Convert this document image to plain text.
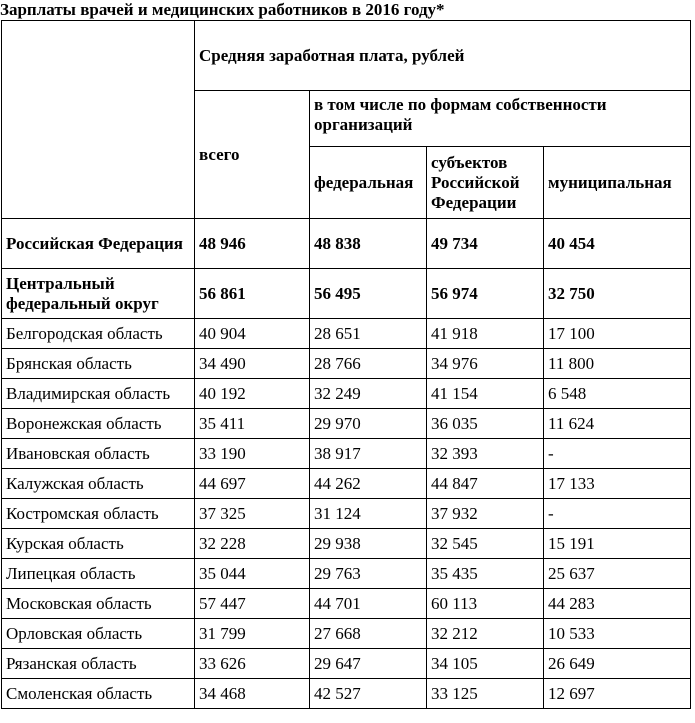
Зарплаты врачей и медицинских работников в 2016 году*
	Средняя заработная плата, рублей			
	всего	в том числе по формам собственности организаций		
		федеральная	субъектов Российской Федерации	муниципальная
Российская Федерация	48 946	48 838	49 734	40 454
Центральный федеральный округ	56 861	56 495	56 974	32 750
Белгородская область	40 904	28 651	41 918	17 100
Брянская область	34 490	28 766	34 976	11 800
Владимирская область	40 192	32 249	41 154	6 548
Воронежская область	35 411	29 970	36 035	11 624
Ивановская область	33 190	38 917	32 393	-
Калужская область	44 697	44 262	44 847	17 133
Костромская область	37 325	31 124	37 932	-
Курская область	32 228	29 938	32 545	15 191
Липецкая область	35 044	29 763	35 435	25 637
Московская область	57 447	44 701	60 113	44 283
Орловская область	31 799	27 668	32 212	10 533
Рязанская область	33 626	29 647	34 105	26 649
Смоленская область	34 468	42 527	33 125	12 697
